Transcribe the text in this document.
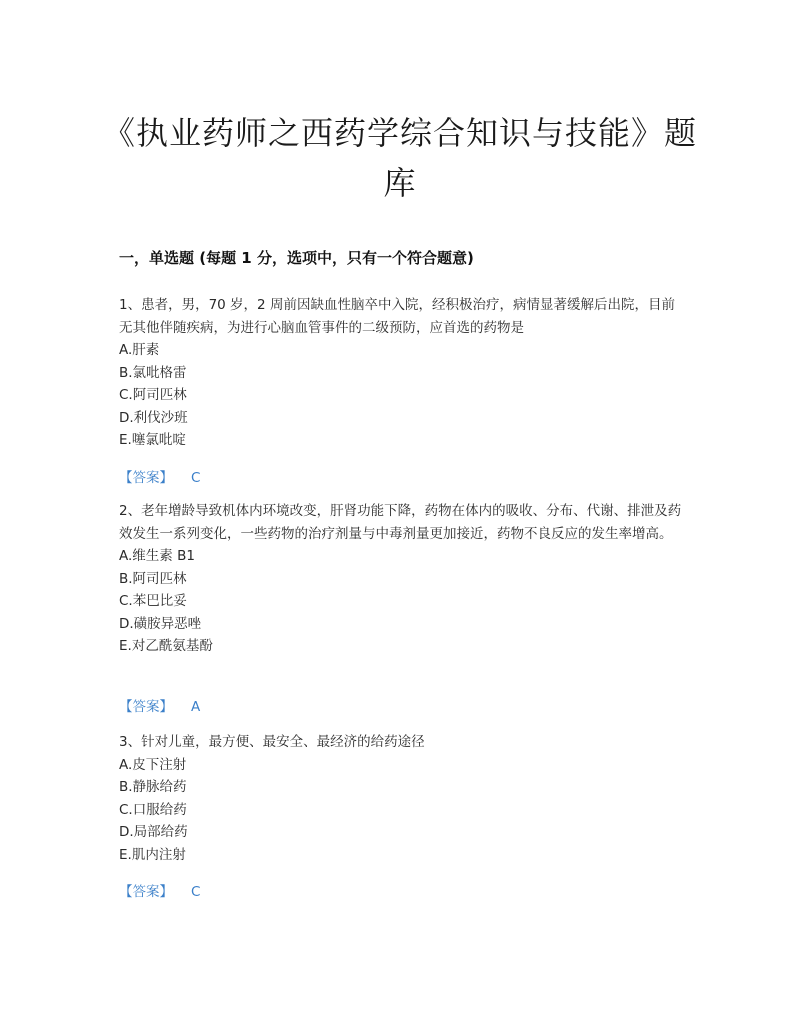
《执业药师之西药学综合知识与技能》题库
一，单选题 (每题 1 分，选项中，只有一个符合题意)

1、患者，男，70 岁，2 周前因缺血性脑卒中入院，经积极治疗，病情显著缓解后出院，目前无其他伴随疾病，为进行心脑血管事件的二级预防，应首选的药物是

A.肝素
B.氯吡格雷
C.阿司匹林
D.利伐沙班
E.噻氯吡啶
【答案】 C

2、老年增龄导致机体内环境改变，肝肾功能下降，药物在体内的吸收、分布、代谢、排泄及药效发生一系列变化，一些药物的治疗剂量与中毒剂量更加接近，药物不良反应的发生率增高。

A.维生素 B1
B.阿司匹林
C.苯巴比妥
D.磺胺异恶唑
E.对乙酰氨基酚
【答案】 A

3、针对儿童，最方便、最安全、最经济的给药途径

A.皮下注射
B.静脉给药
C.口服给药
D.局部给药
E.肌内注射
【答案】 C
